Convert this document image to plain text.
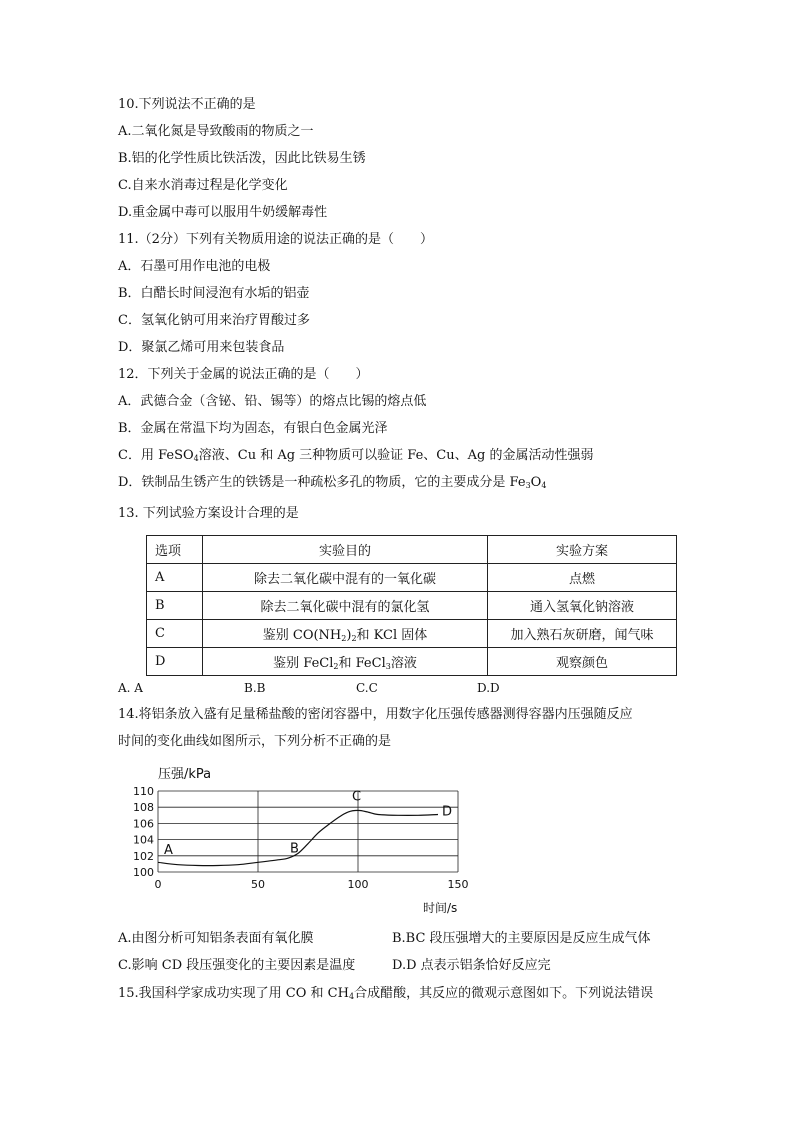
10.下列说法不正确的是
A.二氧化氮是导致酸雨的物质之一
B.铝的化学性质比铁活泼，因此比铁易生锈
C.自来水消毒过程是化学变化
D.重金属中毒可以服用牛奶缓解毒性
11.（2分）下列有关物质用途的说法正确的是（　　）
A．石墨可用作电池的电极
B．白醋长时间浸泡有水垢的铝壶
C．氢氧化钠可用来治疗胃酸过多
D．聚氯乙烯可用来包装食品
12．下列关于金属的说法正确的是（　　）
A．武德合金（含铋、铅、锡等）的熔点比锡的熔点低
B．金属在常温下均为固态，有银白色金属光泽
C．用 FeSO$_4$溶液、Cu 和 Ag 三种物质可以验证 Fe、Cu、Ag 的金属活动性强弱
D．铁制品生锈产生的铁锈是一种疏松多孔的物质，它的主要成分是 $Fe_3O_4$
13. 下列试验方案设计合理的是
选项	实验目的	实验方案
A	除去二氧化碳中混有的一氧化碳	点燃
B	除去二氧化碳中混有的氯化氢	通入氢氧化钠溶液
C	鉴别 $CO(NH_2)_2$和 KCl 固体	加入熟石灰研磨，闻气味
D	鉴别 FeCl$_2$和 FeCl$_3$溶液	观察颜色
A. A	B.B	C.C	D.D
14.将铝条放入盛有足量稀盐酸的密闭容器中，用数字化压强传感器测得容器内压强随反应
时间的变化曲线如图所示，下列分析不正确的是
100
102
104
106
108
110
0	50	100	150
A	B
C
D
压强/kPa
时间/s
A.由图分析可知铝条表面有氧化膜	B.BC 段压强增大的主要原因是反应生成气体
C.影响 CD 段压强变化的主要因素是温度	D.D 点表示铝条恰好反应完
15.我国科学家成功实现了用 CO 和 $CH_4$合成醋酸，其反应的微观示意图如下。下列说法错误
